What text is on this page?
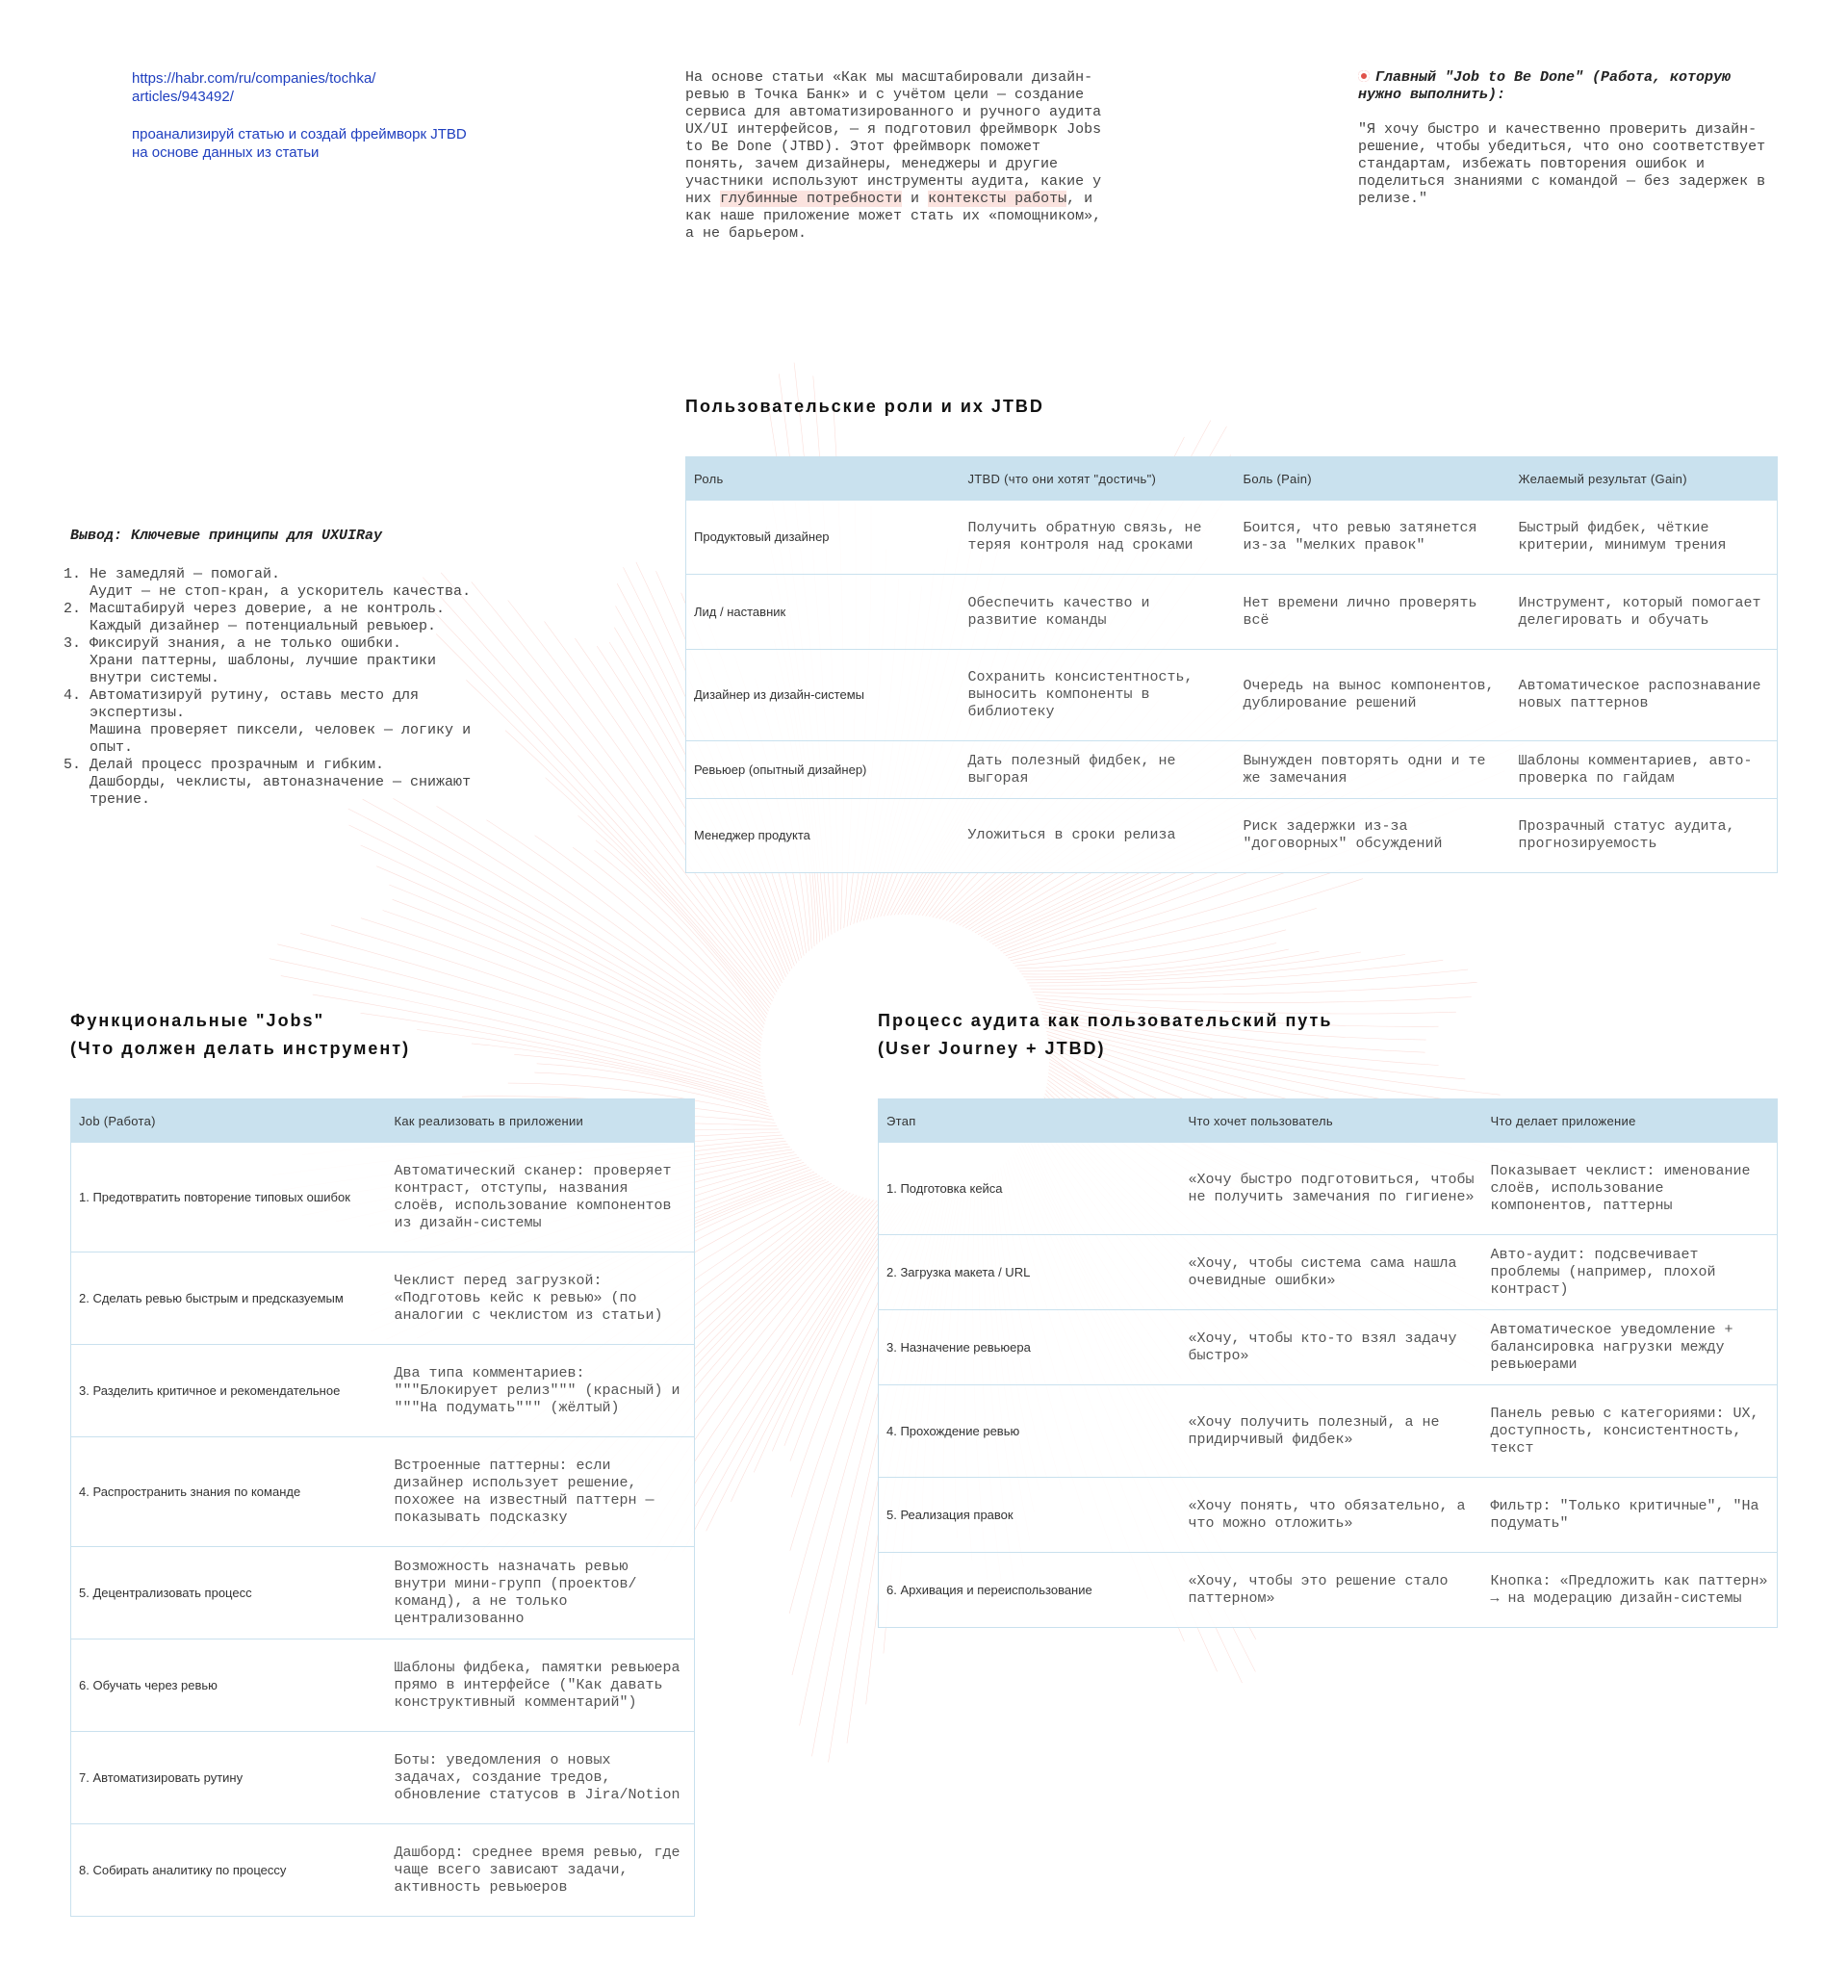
https://habr.com/ru/companies/tochka/
articles/943492/
проанализируй статью и создай фреймворк JTBD
на основе данных из статьи
На основе статьи «Как мы масштабировали дизайн-ревью в Точка Банк» и с учётом цели — создание сервиса для автоматизированного и ручного аудита UX/UI интерфейсов, — я подготовил фреймворк Jobs to Be Done (JTBD). Этот фреймворк поможет понять, зачем дизайнеры, менеджеры и другие участники используют инструменты аудита, какие у них глубинные потребности и контексты работы, и как наше приложение может стать их «помощником», а не барьером.
Главный "Job to Be Done" (Работа, которую нужно выполнить):
"Я хочу быстро и качественно проверить дизайн-решение, чтобы убедиться, что оно соответствует стандартам, избежать повторения ошибок и поделиться знаниями с командой — без задержек в релизе."
Вывод: Ключевые принципы для UXUIRay
1. Не замедляй — помогай.
Аудит — не стоп-кран, а ускоритель качества.
2. Масштабируй через доверие, а не контроль.
Каждый дизайнер — потенциальный ревьюер.
3. Фиксируй знания, а не только ошибки.
Храни паттерны, шаблоны, лучшие практики внутри системы.
4. Автоматизируй рутину, оставь место для экспертизы.
Машина проверяет пиксели, человек — логику и опыт.
5. Делай процесс прозрачным и гибким.
Дашборды, чеклисты, автоназначение — снижают трение.
Пользовательские роли и их JTBD
Роль	JTBD (что они хотят "достичь")	Боль (Pain)	Желаемый результат (Gain)
Продуктовый дизайнер	Получить обратную связь, не теряя контроля над сроками	Боится, что ревью затянется из-за "мелких правок"	Быстрый фидбек, чёткие критерии, минимум трения
Лид / наставник	Обеспечить качество и развитие команды	Нет времени лично проверять всё	Инструмент, который помогает делегировать и обучать
Дизайнер из дизайн-системы	Сохранить консистентность, выносить компоненты в библиотеку	Очередь на вынос компонентов, дублирование решений	Автоматическое распознавание новых паттернов
Ревьюер (опытный дизайнер)	Дать полезный фидбек, не выгорая	Вынужден повторять одни и те же замечания	Шаблоны комментариев, авто-проверка по гайдам
Менеджер продукта	Уложиться в сроки релиза	Риск задержки из-за "договорных" обсуждений	Прозрачный статус аудита, прогнозируемость
Функциональные "Jobs"
(Что должен делать инструмент)
Job (Работа)	Как реализовать в приложении
1. Предотвратить повторение типовых ошибок	Автоматический сканер: проверяет контраст, отступы, названия слоёв, использование компонентов из дизайн-системы
2. Сделать ревью быстрым и предсказуемым	Чеклист перед загрузкой: «Подготовь кейс к ревью» (по аналогии с чеклистом из статьи)
3. Разделить критичное и рекомендательное	Два типа комментариев: """Блокирует релиз""" (красный) и """На подумать""" (жёлтый)
4. Распространить знания по команде	Встроенные паттерны: если дизайнер использует решение, похожее на известный паттерн — показывать подсказку
5. Децентрализовать процесс	Возможность назначать ревью внутри мини-групп (проектов/команд), а не только централизованно
6. Обучать через ревью	Шаблоны фидбека, памятки ревьюера прямо в интерфейсе ("Как давать конструктивный комментарий")
7. Автоматизировать рутину	Боты: уведомления о новых задачах, создание тредов, обновление статусов в Jira/Notion
8. Собирать аналитику по процессу	Дашборд: среднее время ревью, где чаще всего зависают задачи, активность ревьюеров
Процесс аудита как пользовательский путь
(User Journey + JTBD)
Этап	Что хочет пользователь	Что делает приложение
1. Подготовка кейса	«Хочу быстро подготовиться, чтобы не получить замечания по гигиене»	Показывает чеклист: именование слоёв, использование компонентов, паттерны
2. Загрузка макета / URL	«Хочу, чтобы система сама нашла очевидные ошибки»	Авто-аудит: подсвечивает проблемы (например, плохой контраст)
3. Назначение ревьюера	«Хочу, чтобы кто-то взял задачу быстро»	Автоматическое уведомление + балансировка нагрузки между ревьюерами
4. Прохождение ревью	«Хочу получить полезный, а не придирчивый фидбек»	Панель ревью с категориями: UX, доступность, консистентность, текст
5. Реализация правок	«Хочу понять, что обязательно, а что можно отложить»	Фильтр: "Только критичные", "На подумать"
6. Архивация и переиспользование	«Хочу, чтобы это решение стало паттерном»	Кнопка: «Предложить как паттерн» → на модерацию дизайн-системы
